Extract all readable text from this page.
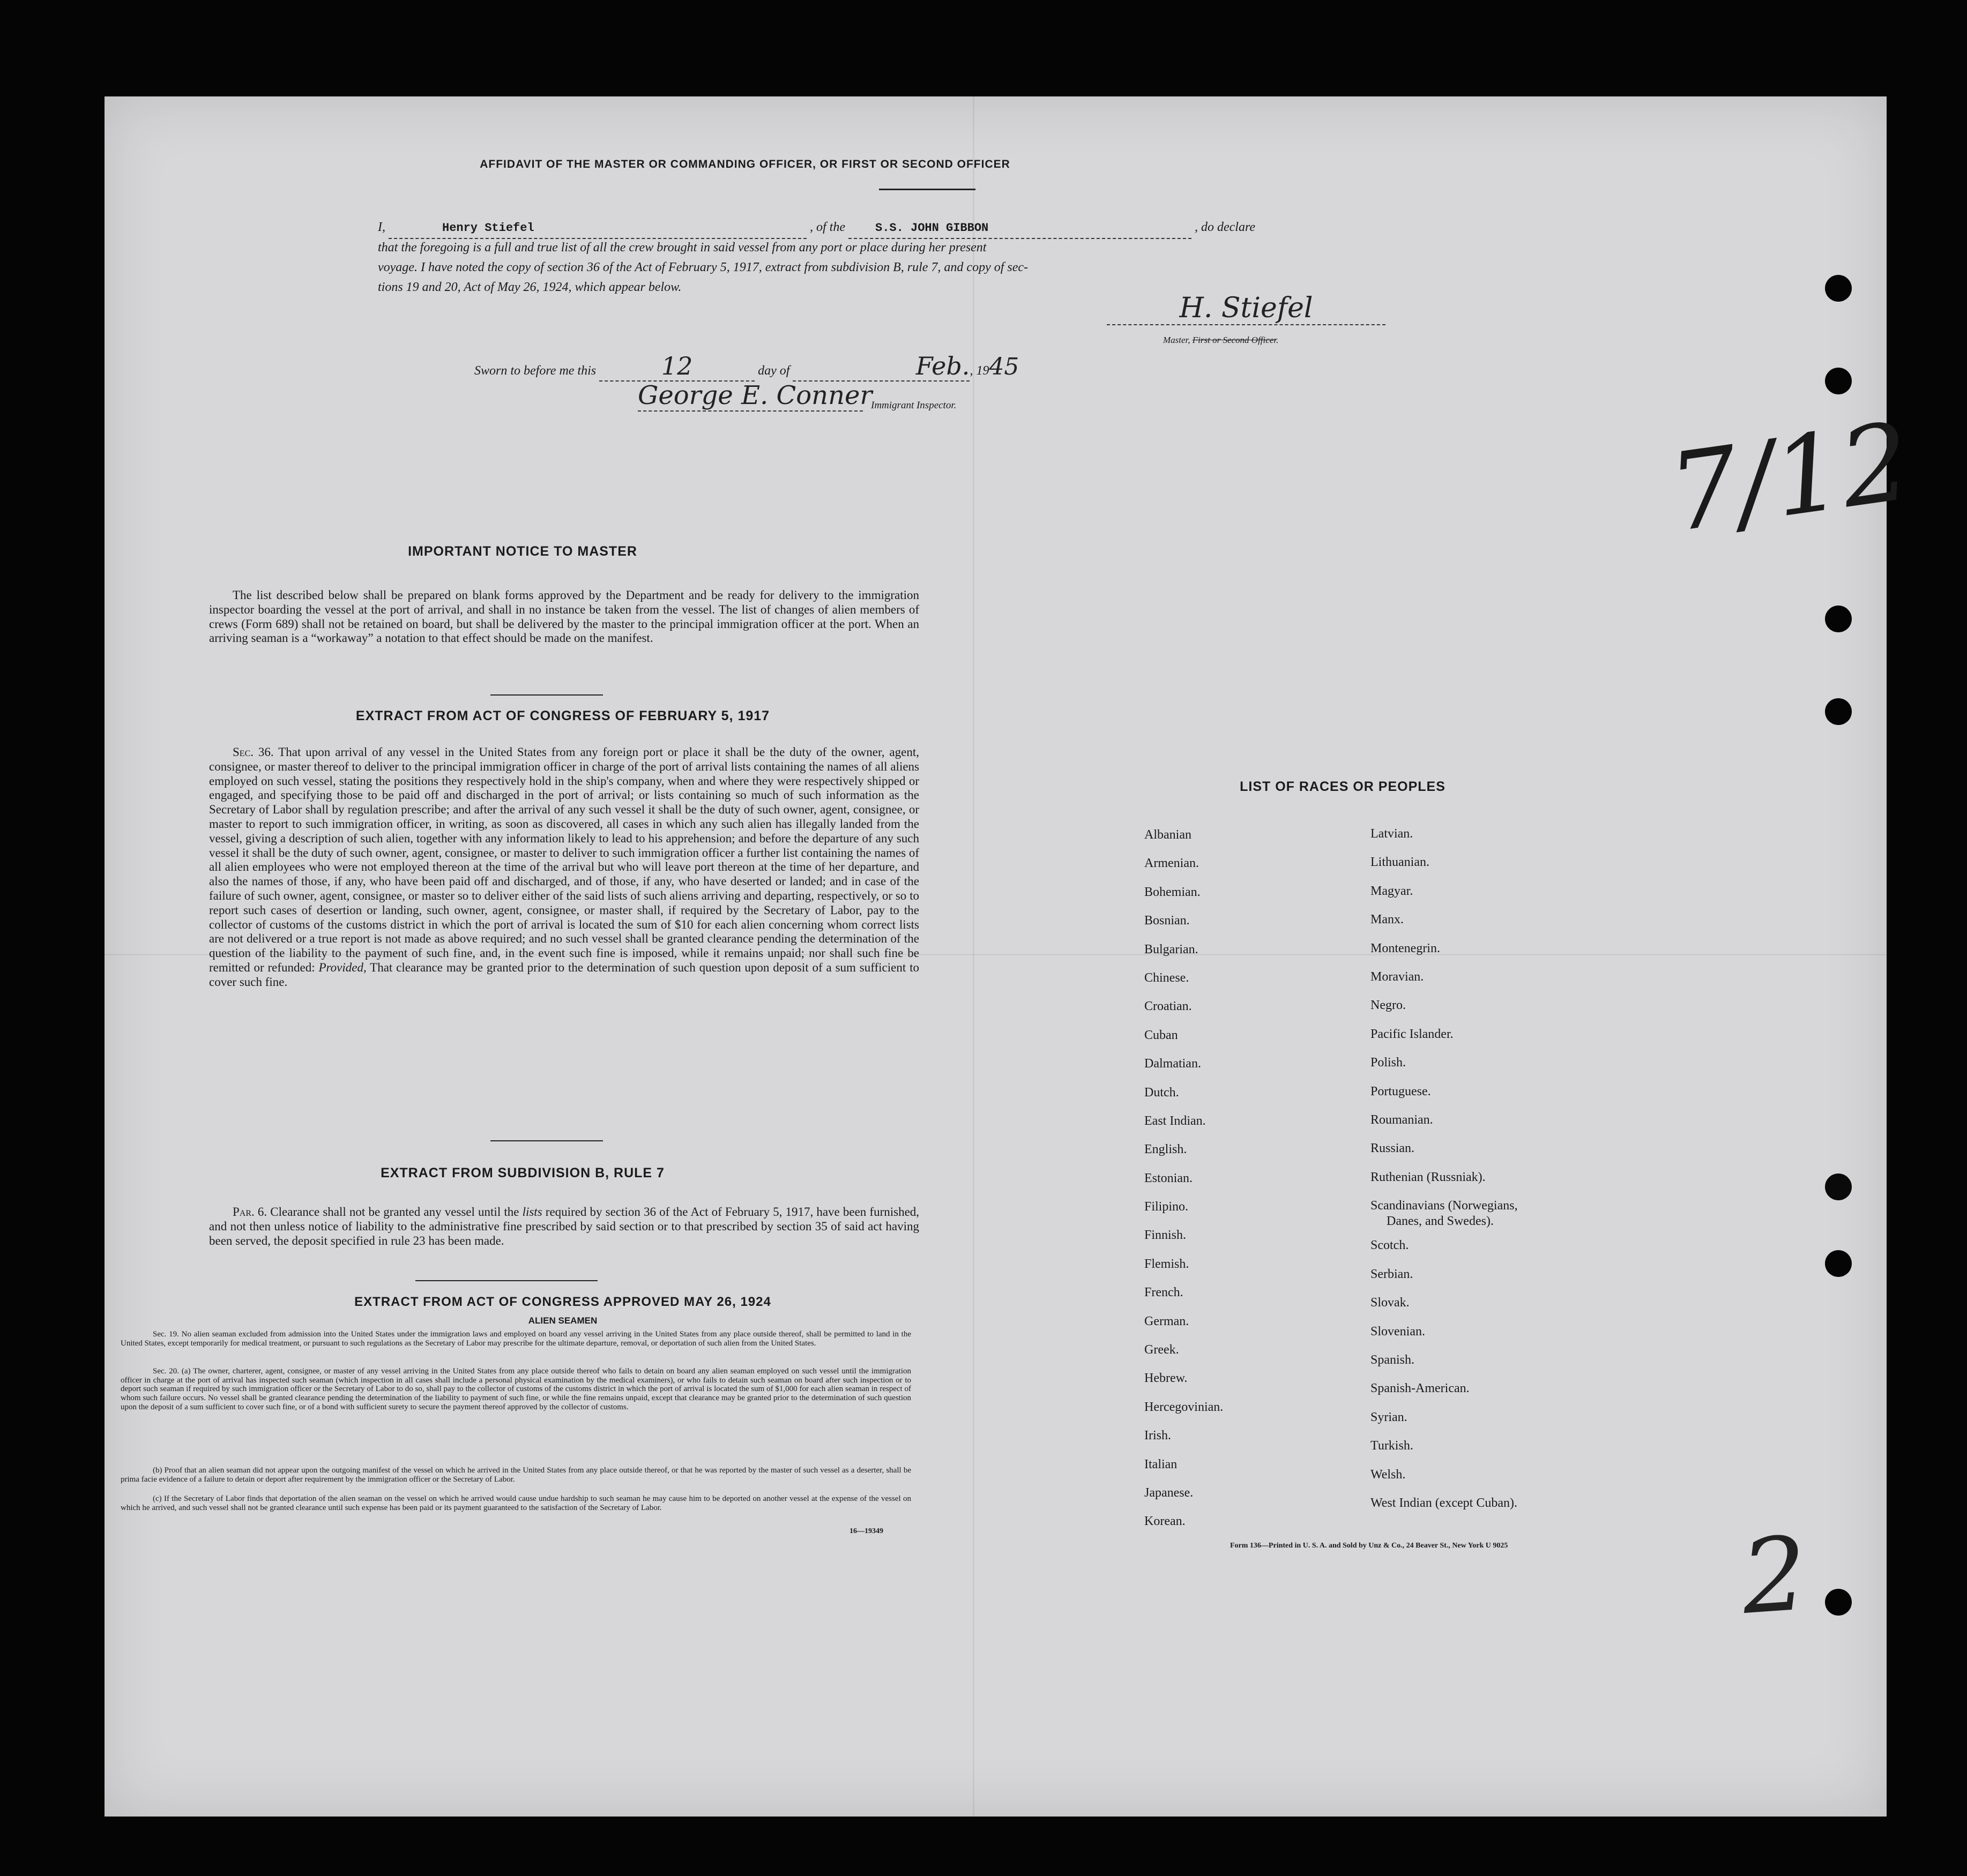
AFFIDAVIT OF THE MASTER OR COMMANDING OFFICER, OR FIRST OR SECOND OFFICER
I,	Henry Stiefel	, of the	S.S. JOHN GIBBON	, do declare
that the foregoing is a full and true list of all the crew brought in said vessel from any port or place during her present
voyage. I have noted the copy of section 36 of the Act of February 5, 1917, extract from subdivision B, rule 7, and copy of sec-
tions 19 and 20, Act of May 26, 1924, which appear below.
H. Stiefel
Master, First or Second Officer.
Sworn to before me this	12	day of	Feb., 1945
George E. Conner
Immigrant Inspector.	7/12
IMPORTANT NOTICE TO MASTER
The list described below shall be prepared on blank forms approved by the Department and be ready for delivery to the immigration inspector boarding the vessel at the port of arrival, and shall in no instance be taken from the vessel. The list of changes of alien members of crews (Form 689) shall not be retained on board, but shall be delivered by the master to the principal immigration officer at the port. When an arriving seaman is a “workaway” a notation to that effect should be made on the manifest.
EXTRACT FROM ACT OF CONGRESS OF FEBRUARY 5, 1917
Sec. 36. That upon arrival of any vessel in the United States from any foreign port or place it shall be the duty of the owner, agent, consignee, or master thereof to deliver to the principal immigration officer in charge of the port of arrival lists containing the names of all aliens employed on such vessel, stating the positions they respectively hold in the ship's company, when and where they were respectively shipped or engaged, and specifying those to be paid off and discharged in the port of arrival; or lists containing so much of such information as the Secretary of Labor shall by regulation prescribe; and after the arrival of any such vessel it shall be the duty of such owner, agent, consignee, or master to report to such immigration officer, in writing, as soon as discovered, all cases in which any such alien has illegally landed from the vessel, giving a description of such alien, together with any information likely to lead to his apprehension; and before the departure of any such vessel it shall be the duty of such owner, agent, consignee, or master to deliver to such immigration officer a further list containing the names of all alien employees who were not employed thereon at the time of the arrival but who will leave port thereon at the time of her departure, and also the names of those, if any, who have been paid off and discharged, and of those, if any, who have deserted or landed; and in case of the failure of such owner, agent, consignee, or master so to deliver either of the said lists of such aliens arriving and departing, respectively, or so to report such cases of desertion or landing, such owner, agent, consignee, or master shall, if required by the Secretary of Labor, pay to the collector of customs of the customs district in which the port of arrival is located the sum of $10 for each alien concerning whom correct lists are not delivered or a true report is not made as above required; and no such vessel shall be granted clearance pending the determination of the question of the liability to the payment of such fine, and, in the event such fine is imposed, while it remains unpaid; nor shall such fine be remitted or refunded: Provided, That clearance may be granted prior to the determination of such question upon deposit of a sum sufficient to cover such fine.
EXTRACT FROM SUBDIVISION B, RULE 7
Par. 6. Clearance shall not be granted any vessel until the lists required by section 36 of the Act of February 5, 1917, have been furnished, and not then unless notice of liability to the administrative fine prescribed by said section or to that prescribed by section 35 of said act having been served, the deposit specified in rule 23 has been made.
EXTRACT FROM ACT OF CONGRESS APPROVED MAY 26, 1924
ALIEN SEAMEN
Sec. 19. No alien seaman excluded from admission into the United States under the immigration laws and employed on board any vessel arriving in the United States from any place outside thereof, shall be permitted to land in the United States, except temporarily for medical treatment, or pursuant to such regulations as the Secretary of Labor may prescribe for the ultimate departure, removal, or deportation of such alien from the United States.
Sec. 20. (a) The owner, charterer, agent, consignee, or master of any vessel arriving in the United States from any place outside thereof who fails to detain on board any alien seaman employed on such vessel until the immigration officer in charge at the port of arrival has inspected such seaman (which inspection in all cases shall include a personal physical examination by the medical examiners), or who fails to detain such seaman on board after such inspection or to deport such seaman if required by such immigration officer or the Secretary of Labor to do so, shall pay to the collector of customs of the customs district in which the port of arrival is located the sum of $1,000 for each alien seaman in respect of whom such failure occurs. No vessel shall be granted clearance pending the determination of the liability to payment of such fine, or while the fine remains unpaid, except that clearance may be granted prior to the determination of such question upon the deposit of a sum sufficient to cover such fine, or of a bond with sufficient surety to secure the payment thereof approved by the collector of customs.
(b) Proof that an alien seaman did not appear upon the outgoing manifest of the vessel on which he arrived in the United States from any place outside thereof, or that he was reported by the master of such vessel as a deserter, shall be prima facie evidence of a failure to detain or deport after requirement by the immigration officer or the Secretary of Labor.
(c) If the Secretary of Labor finds that deportation of the alien seaman on the vessel on which he arrived would cause undue hardship to such seaman he may cause him to be deported on another vessel at the expense of the vessel on which he arrived, and such vessel shall not be granted clearance until such expense has been paid or its payment guaranteed to the satisfaction of the Secretary of Labor.
16—19349
LIST OF RACES OR PEOPLES
Albanian
Armenian.
Bohemian.
Bosnian.
Bulgarian.
Chinese.
Croatian.
Cuban
Dalmatian.
Dutch.
East Indian.
English.
Estonian.
Filipino.
Finnish.
Flemish.
French.
German.
Greek.
Hebrew.
Hercegovinian.
Irish.
Italian
Japanese.
Korean.
Latvian.
Lithuanian.
Magyar.
Manx.
Montenegrin.
Moravian.
Negro.
Pacific Islander.
Polish.
Portuguese.
Roumanian.
Russian.
Ruthenian (Russniak).
Scandinavians (Norwegians,
Danes, and Swedes).
Scotch.
Serbian.
Slovak.
Slovenian.
Spanish.
Spanish-American.
Syrian.
Turkish.
Welsh.
West Indian (except Cuban).
Form 136—Printed in U. S. A. and Sold by Unz & Co., 24 Beaver St., New York U 9025 2
